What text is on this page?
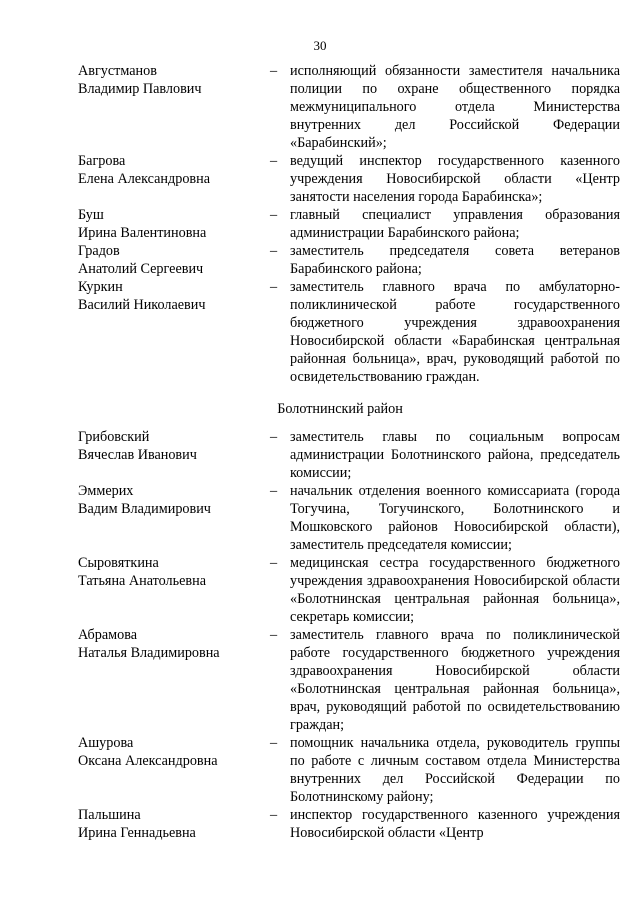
30
Августманов
Владимир Павлович
– исполняющий обязанности заместителя начальника полиции по охране общественного порядка межмуниципального отдела Министерства внутренних дел Российской Федерации «Барабинский»;
Багрова
Елена Александровна
– ведущий инспектор государственного казенного учреждения Новосибирской области «Центр занятости населения города Барабинска»;
Буш
Ирина Валентиновна
– главный специалист управления образования администрации Барабинского района;
Градов
Анатолий Сергеевич
– заместитель председателя совета ветеранов Барабинского района;
Куркин
Василий Николаевич
– заместитель главного врача по амбулаторно-поликлинической работе государственного бюджетного учреждения здравоохранения Новосибирской области «Барабинская центральная районная больница», врач, руководящий работой по освидетельствованию граждан.
Болотнинский район
Грибовский
Вячеслав Иванович
– заместитель главы по социальным вопросам администрации Болотнинского района, председатель комиссии;
Эммерих
Вадим Владимирович
– начальник отделения военного комиссариата (города Тогучина, Тогучинского, Болотнинского и Мошковского районов Новосибирской области), заместитель председателя комиссии;
Сыровяткина
Татьяна Анатольевна
– медицинская сестра государственного бюджетного учреждения здравоохранения Новосибирской области «Болотнинская центральная районная больница», секретарь комиссии;
Абрамова
Наталья Владимировна
– заместитель главного врача по поликлинической работе государственного бюджетного учреждения здравоохранения Новосибирской области «Болотнинская центральная районная больница», врач, руководящий работой по освидетельствованию граждан;
Ашурова
Оксана Александровна
– помощник начальника отдела, руководитель группы по работе с личным составом отдела Министерства внутренних дел Российской Федерации по Болотнинскому району;
Пальшина
Ирина Геннадьевна
– инспектор государственного казенного учреждения Новосибирской области «Центр
